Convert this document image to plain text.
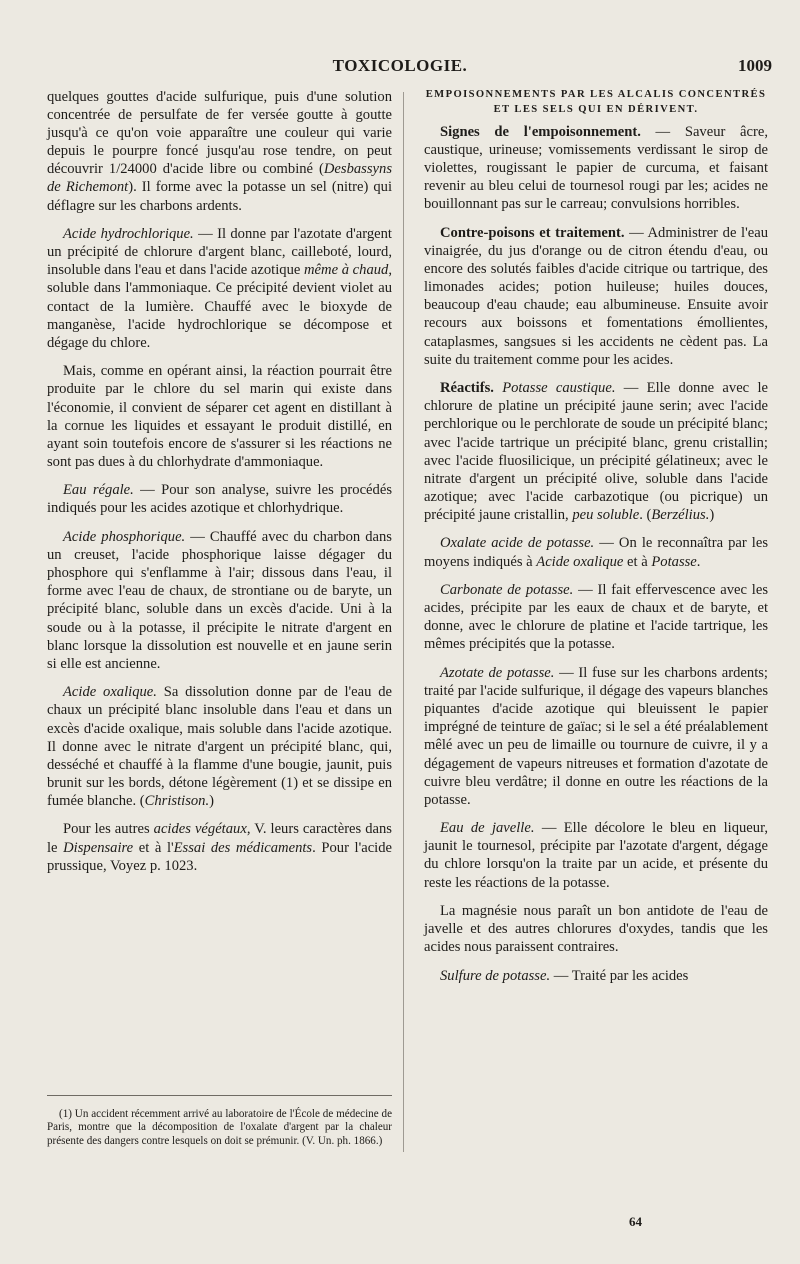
TOXICOLOGIE.	1009

quelques gouttes d'acide sulfurique, puis d'une solution concentrée de persulfate de fer versée goutte à goutte jusqu'à ce qu'on voie apparaître une couleur qui varie depuis le pourpre foncé jusqu'au rose tendre, on peut découvrir 1/24000 d'acide libre ou combiné (Desbassyns de Richemont). Il forme avec la potasse un sel (nitre) qui déflagre sur les charbons ardents.

Acide hydrochlorique. — Il donne par l'azotate d'argent un précipité de chlorure d'argent blanc, cailleboté, lourd, insoluble dans l'eau et dans l'acide azotique même à chaud, soluble dans l'ammoniaque. Ce précipité devient violet au contact de la lumière. Chauffé avec le bioxyde de manganèse, l'acide hydrochlorique se décompose et dégage du chlore.

Mais, comme en opérant ainsi, la réaction pourrait être produite par le chlore du sel marin qui existe dans l'économie, il convient de séparer cet agent en distillant à la cornue les liquides et essayant le produit distillé, en ayant soin toutefois encore de s'assurer si les réactions ne sont pas dues à du chlorhydrate d'ammoniaque.

Eau régale. — Pour son analyse, suivre les procédés indiqués pour les acides azotique et chlorhydrique.

Acide phosphorique. — Chauffé avec du charbon dans un creuset, l'acide phosphorique laisse dégager du phosphore qui s'enflamme à l'air; dissous dans l'eau, il forme avec l'eau de chaux, de strontiane ou de baryte, un précipité blanc, soluble dans un excès d'acide. Uni à la soude ou à la potasse, il précipite le nitrate d'argent en blanc lorsque la dissolution est nouvelle et en jaune serin si elle est ancienne.

Acide oxalique. Sa dissolution donne par de l'eau de chaux un précipité blanc insoluble dans l'eau et dans un excès d'acide oxalique, mais soluble dans l'acide azotique. Il donne avec le nitrate d'argent un précipité blanc, qui, desséché et chauffé à la flamme d'une bougie, jaunit, puis brunit sur les bords, détone légèrement (1) et se dissipe en fumée blanche. (Christison.)

Pour les autres acides végétaux, V. leurs caractères dans le Dispensaire et à l'Essai des médicaments. Pour l'acide prussique, Voyez p. 1023.

(1) Un accident récemment arrivé au laboratoire de l'École de médecine de Paris, montre que la décomposition de l'oxalate d'argent par la chaleur présente des dangers contre lesquels on doit se prémunir. (V. Un. ph. 1866.)

EMPOISONNEMENTS PAR LES ALCALIS CONCENTRÉS ET LES SELS QUI EN DÉRIVENT.

Signes de l'empoisonnement. — Saveur âcre, caustique, urineuse; vomissements verdissant le sirop de violettes, rougissant le papier de curcuma, et faisant revenir au bleu celui de tournesol rougi par les; acides ne bouillonnant pas sur le carreau; convulsions horribles.

Contre-poisons et traitement. — Administrer de l'eau vinaigrée, du jus d'orange ou de citron étendu d'eau, ou encore des solutés faibles d'acide citrique ou tartrique, des limonades acides; potion huileuse; huiles douces, beaucoup d'eau chaude; eau albumineuse. Ensuite avoir recours aux boissons et fomentations émollientes, cataplasmes, sangsues si les accidents ne cèdent pas. La suite du traitement comme pour les acides.

Réactifs. Potasse caustique. — Elle donne avec le chlorure de platine un précipité jaune serin; avec l'acide perchlorique ou le perchlorate de soude un précipité blanc; avec l'acide tartrique un précipité blanc, grenu cristallin; avec l'acide fluosilicique, un précipité gélatineux; avec le nitrate d'argent un précipité olive, soluble dans l'acide azotique; avec l'acide carbazotique (ou picrique) un précipité jaune cristallin, peu soluble. (Berzélius.)

Oxalate acide de potasse. — On le reconnaîtra par les moyens indiqués à Acide oxalique et à Potasse.

Carbonate de potasse. — Il fait effervescence avec les acides, précipite par les eaux de chaux et de baryte, et donne, avec le chlorure de platine et l'acide tartrique, les mêmes précipités que la potasse.

Azotate de potasse. — Il fuse sur les charbons ardents; traité par l'acide sulfurique, il dégage des vapeurs blanches piquantes d'acide azotique qui bleuissent le papier imprégné de teinture de gaïac; si le sel a été préalablement mêlé avec un peu de limaille ou tournure de cuivre, il y a dégagement de vapeurs nitreuses et formation d'azotate de cuivre bleu verdâtre; il donne en outre les réactions de la potasse.

Eau de javelle. — Elle décolore le bleu en liqueur, jaunit le tournesol, précipite par l'azotate d'argent, dégage du chlore lorsqu'on la traite par un acide, et présente du reste les réactions de la potasse.

La magnésie nous paraît un bon antidote de l'eau de javelle et des autres chlorures d'oxydes, tandis que les acides nous paraissent contraires.

Sulfure de potasse. — Traité par les acides

64
